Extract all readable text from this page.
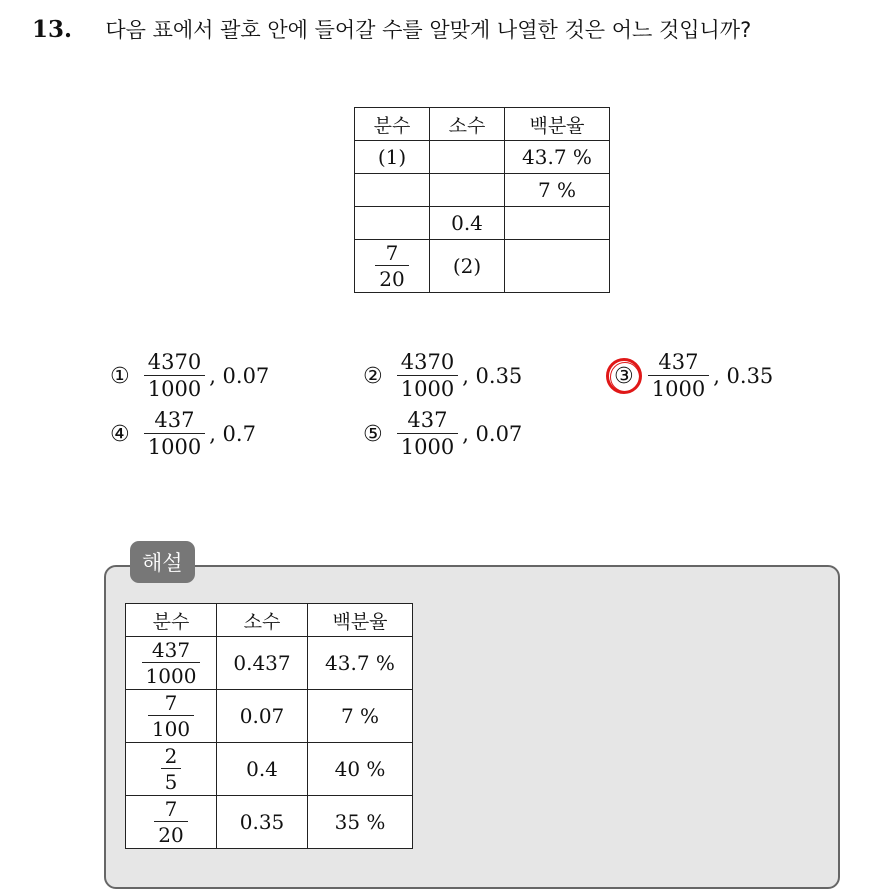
13. 다음 표에서 괄호 안에 들어갈 수를 알맞게 나열한 것은 어느 것입니까?
분수	소수	백분율
(1)		43.7 %
		7 %
	0.4	

$\frac{7}{20}$	(2)	
① $\frac{4370}{1000}$ , 0.07	② $\frac{4370}{1000}$ , 0.35	③ $\frac{437}{1000}$ , 0.35
④ $\frac{437}{1000}$ , 0.7	⑤ $\frac{437}{1000}$ , 0.07
해설
분수	소수	백분율

$\frac{437}{1000}$	0.437	43.7 %

$\frac{7}{100}$	0.07	7 %

$\frac{2}{5}$	0.4	40 %

$\frac{7}{20}$	0.35	35 %
